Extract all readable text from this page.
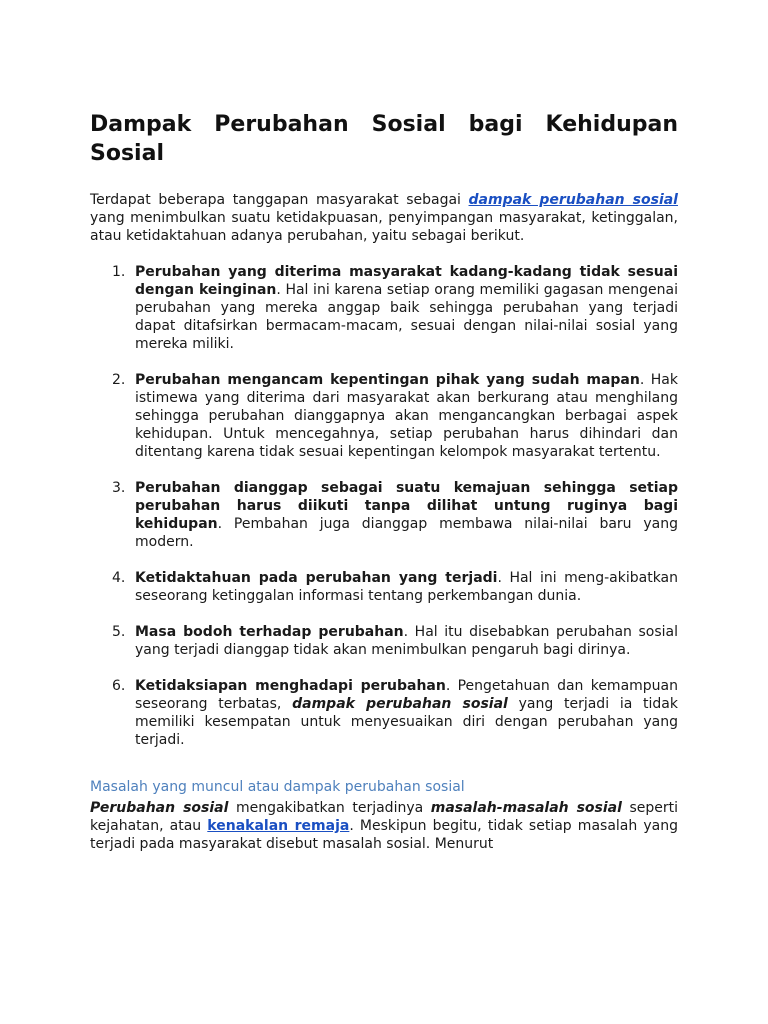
Dampak Perubahan Sosial bagi Kehidupan
Sosial

Terdapat beberapa tanggapan masyarakat sebagai dampak perubahan sosial yang menimbulkan suatu ketidakpuasan, penyimpangan masyarakat, ketinggalan, atau ketidaktahuan adanya perubahan, yaitu sebagai berikut.

1. Perubahan yang diterima masyarakat kadang-kadang tidak sesuai dengan keinginan. Hal ini karena setiap orang memiliki gagasan mengenai perubahan yang mereka anggap baik sehingga perubahan yang terjadi dapat ditafsirkan bermacam-macam, sesuai dengan nilai-nilai sosial yang mereka miliki.
2. Perubahan mengancam kepentingan pihak yang sudah mapan. Hak istimewa yang diterima dari masyarakat akan berkurang atau menghilang sehingga perubahan dianggapnya akan mengancangkan berbagai aspek kehidupan. Untuk mencegahnya, setiap perubahan harus dihindari dan ditentang karena tidak sesuai kepentingan kelompok masyarakat tertentu.
3. Perubahan dianggap sebagai suatu kemajuan sehingga setiap perubahan harus diikuti tanpa dilihat untung ruginya bagi kehidupan. Pembahan juga dianggap membawa nilai-nilai baru yang modern.
4. Ketidaktahuan pada perubahan yang terjadi. Hal ini meng-akibatkan seseorang ketinggalan informasi tentang perkembangan dunia.
5. Masa bodoh terhadap perubahan. Hal itu disebabkan perubahan sosial yang terjadi dianggap tidak akan menimbulkan pengaruh bagi dirinya.
6. Ketidaksiapan menghadapi perubahan. Pengetahuan dan kemampuan seseorang terbatas, dampak perubahan sosial yang terjadi ia tidak memiliki kesempatan untuk menyesuaikan diri dengan perubahan yang terjadi.
Masalah yang muncul atau dampak perubahan sosial

Perubahan sosial mengakibatkan terjadinya masalah-masalah sosial seperti kejahatan, atau kenakalan remaja. Meskipun begitu, tidak setiap masalah yang terjadi pada masyarakat disebut masalah sosial. Menurut
